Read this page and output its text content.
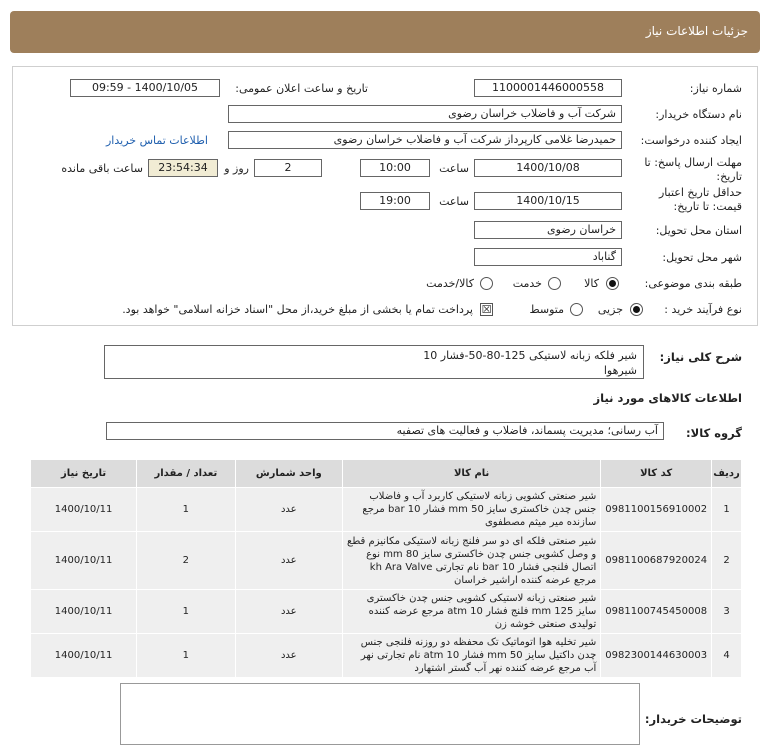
جزئیات اطلاعات نیاز
شماره نیاز:
1100001446000558
تاریخ و ساعت اعلان عمومی:
1400/10/05 - 09:59
نام دستگاه خریدار:
شرکت آب و فاضلاب خراسان رضوی
ایجاد کننده درخواست:
حمیدرضا غلامی کارپرداز شرکت آب و فاضلاب خراسان رضوی
اطلاعات تماس خریدار
مهلت ارسال پاسخ: تا تاریخ:
1400/10/08
ساعت
10:00
2
روز و
23:54:34
ساعت باقی مانده
حداقل تاریخ اعتبار قیمت: تا تاریخ:
1400/10/15
ساعت
19:00
استان محل تحویل:
خراسان رضوی
شهر محل تحویل:
گناباد
طبقه بندی موضوعی:
کالا
خدمت
کالا/خدمت
نوع فرآیند خرید :
جزیی
متوسط
☒
پرداخت تمام یا بخشی از مبلغ خرید،از محل "اسناد خزانه اسلامی" خواهد بود.
شرح کلی نیاز:
شیر فلکه زبانه لاستیکی 125-80-50-فشار 10
شیرهوا
اطلاعات کالاهای مورد نیاز
گروه کالا:
آب رسانی؛ مدیریت پسماند، فاضلاب و فعالیت های تصفیه
ردیف	کد کالا	نام کالا	واحد شمارش	تعداد / مقدار	تاریخ نیاز
1	0981100156910002	شیر صنعتی کشویی زبانه لاستیکی کاربرد آب و فاضلاب جنس چدن خاکستری سایز 50 mm فشار 10 bar مرجع سازنده میر میثم مصطفوی	عدد	1	1400/10/11
2	0981100687920024	شیر صنعتی فلکه ای دو سر فلنج زبانه لاستیکی مکانیزم قطع و وصل کشویی جنس چدن خاکستری سایز 80 mm نوع اتصال فلنجی فشار 10 bar نام تجارتی kh Ara Valve مرجع عرضه کننده اراشیر خراسان	عدد	2	1400/10/11
3	0981100745450008	شیر صنعتی زبانه لاستیکی کشویی جنس چدن خاکستری سایز 125 mm فلنج فشار 10 atm مرجع عرضه کننده تولیدی صنعتی خوشه زن	عدد	1	1400/10/11
4	0982300144630003	شیر تخلیه هوا اتوماتیک تک محفظه دو روزنه فلنجی جنس چدن داکتیل سایز 50 mm فشار 10 atm نام تجارتی نهر آب مرجع عرضه کننده نهر آب گستر اشتهارد	عدد	1	1400/10/11
توضیحات خریدار:
